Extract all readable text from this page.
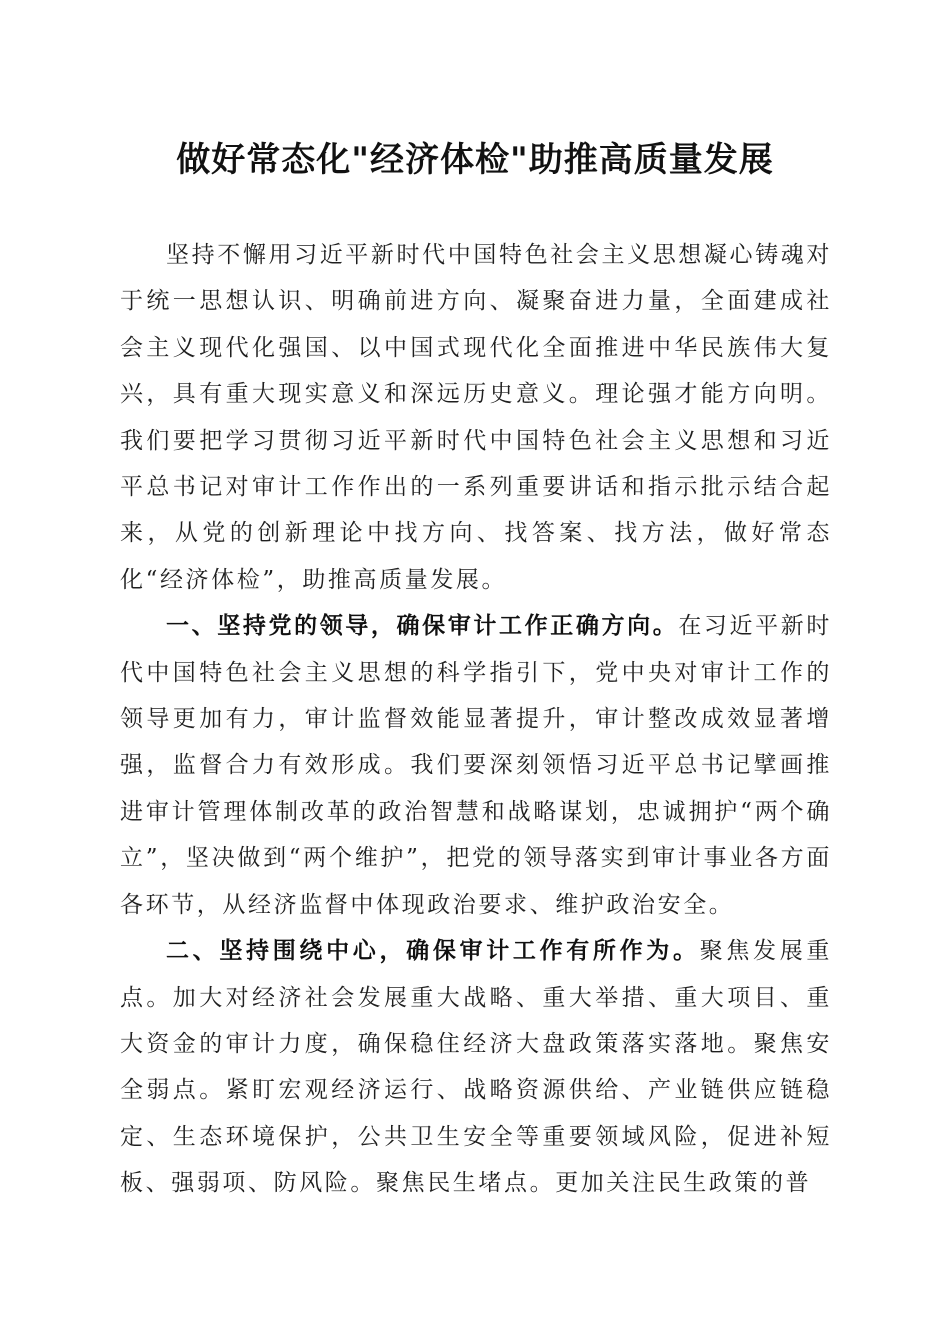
做好常态化"经济体检"助推高质量发展

坚持不懈用习近平新时代中国特色社会主义思想凝心铸魂对于统一思想认识、明确前进方向、凝聚奋进力量，全面建成社会主义现代化强国、以中国式现代化全面推进中华民族伟大复兴，具有重大现实意义和深远历史意义。理论强才能方向明。我们要把学习贯彻习近平新时代中国特色社会主义思想和习近平总书记对审计工作作出的一系列重要讲话和指示批示结合起来，从党的创新理论中找方向、找答案、找方法，做好常态化“经济体检”，助推高质量发展。

一、坚持党的领导，确保审计工作正确方向。在习近平新时代中国特色社会主义思想的科学指引下，党中央对审计工作的领导更加有力，审计监督效能显著提升，审计整改成效显著增强，监督合力有效形成。我们要深刻领悟习近平总书记擘画推进审计管理体制改革的政治智慧和战略谋划，忠诚拥护“两个确立”，坚决做到“两个维护”，把党的领导落实到审计事业各方面各环节，从经济监督中体现政治要求、维护政治安全。

二、坚持围绕中心，确保审计工作有所作为。聚焦发展重点。加大对经济社会发展重大战略、重大举措、重大项目、重大资金的审计力度，确保稳住经济大盘政策落实落地。聚焦安全弱点。紧盯宏观经济运行、战略资源供给、产业链供应链稳定、生态环境保护，公共卫生安全等重要领域风险，促进补短板、强弱项、防风险。聚焦民生堵点。更加关注民生政策的普
